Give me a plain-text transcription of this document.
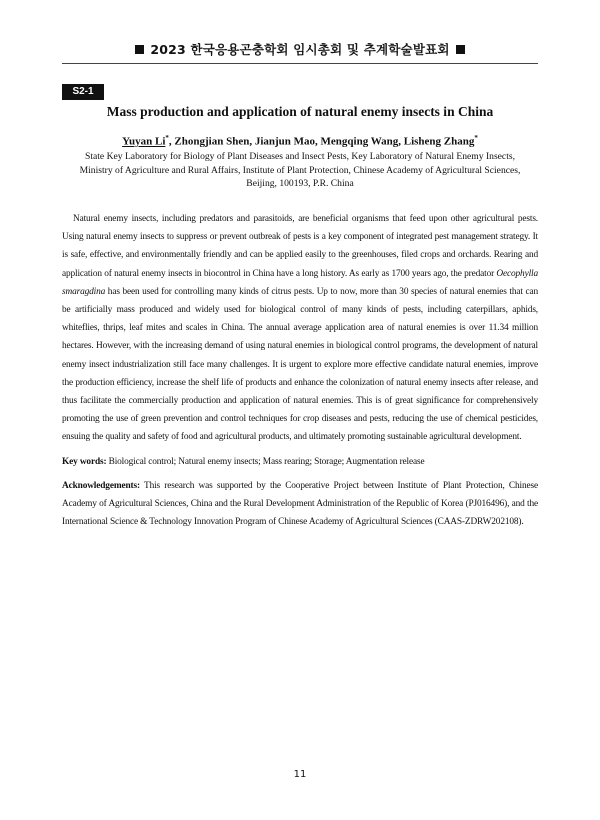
2023 한국응용곤충학회 임시총회 및 추계학술발표회
S2-1
Mass production and application of natural enemy insects in China
Yuyan Li*, Zhongjian Shen, Jianjun Mao, Mengqing Wang, Lisheng Zhang*
State Key Laboratory for Biology of Plant Diseases and Insect Pests, Key Laboratory of Natural Enemy Insects,
Ministry of Agriculture and Rural Affairs, Institute of Plant Protection, Chinese Academy of Agricultural Sciences,
Beijing, 100193, P.R. China

Natural enemy insects, including predators and parasitoids, are beneficial organisms that feed upon other agricultural pests. Using natural enemy insects to suppress or prevent outbreak of pests is a key component of integrated pest management strategy. It is safe, effective, and environmentally friendly and can be applied easily to the greenhouses, filed crops and orchards. Rearing and application of natural enemy insects in biocontrol in China have a long history. As early as 1700 years ago, the predator Oecophylla smaragdina has been used for controlling many kinds of citrus pests. Up to now, more than 30 species of natural enemies that can be artificially mass produced and widely used for biological control of many kinds of pests, including caterpillars, aphids, whiteflies, thrips, leaf mites and scales in China. The annual average application area of natural enemies is over 11.34 million hectares. However, with the increasing demand of using natural enemies in biological control programs, the development of natural enemy insect industrialization still face many challenges. It is urgent to explore more effective candidate natural enemies, improve the production efficiency, increase the shelf life of products and enhance the colonization of natural enemy insects after release, and thus facilitate the commercially production and application of natural enemies. This is of great significance for comprehensively promoting the use of green prevention and control techniques for crop diseases and pests, reducing the use of chemical pesticides, ensuing the quality and safety of food and agricultural products, and ultimately promoting sustainable agricultural development.

Key words: Biological control; Natural enemy insects; Mass rearing; Storage; Augmentation release

Acknowledgements: This research was supported by the Cooperative Project between Institute of Plant Protection, Chinese Academy of Agricultural Sciences, China and the Rural Development Administration of the Republic of Korea (PJ016496), and the International Science & Technology Innovation Program of Chinese Academy of Agricultural Sciences (CAAS-ZDRW202108).

11
